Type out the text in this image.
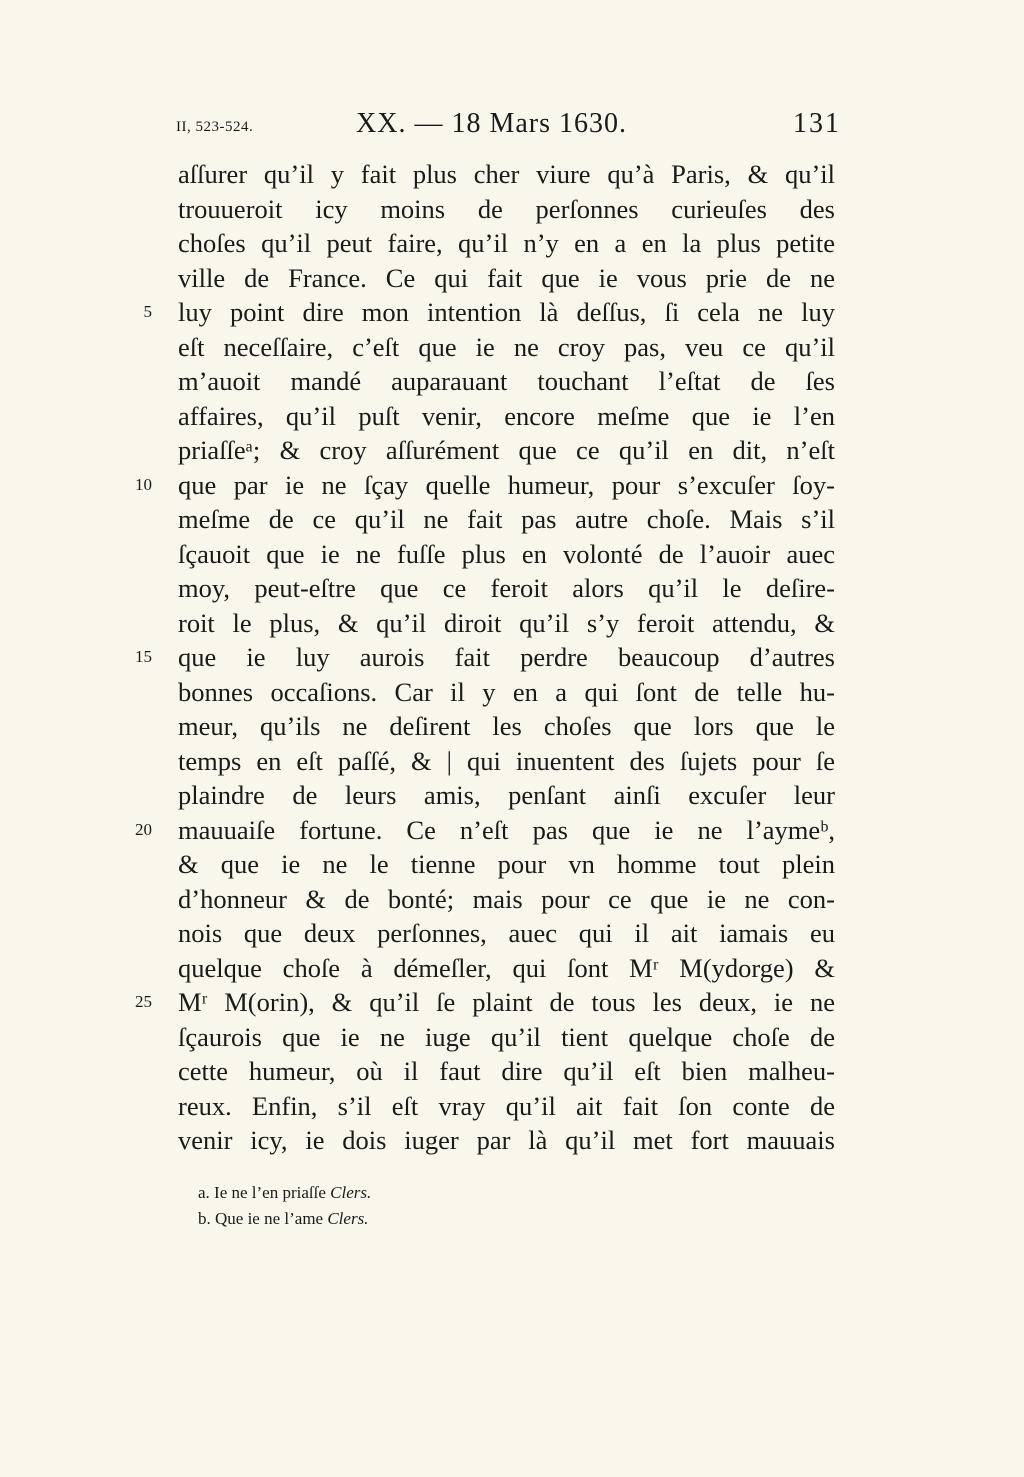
II, 523-524.	XX. — 18 Mars 1630.	131
5
10
15
20
25
aſſurer qu’il y fait plus cher viure qu’à Paris, & qu’il
trouueroit icy moins de perſonnes curieuſes des
choſes qu’il peut faire, qu’il n’y en a en la plus petite
ville de France. Ce qui fait que ie vous prie de ne
luy point dire mon intention là deſſus, ſi cela ne luy
eſt neceſſaire, c’eſt que ie ne croy pas, veu ce qu’il
m’auoit mandé auparauant touchant l’eſtat de ſes
affaires, qu’il puſt venir, encore meſme que ie l’en
priaſſeᵃ; & croy aſſurément que ce qu’il en dit, n’eſt
que par ie ne ſçay quelle humeur, pour s’excuſer ſoy-
meſme de ce qu’il ne fait pas autre choſe. Mais s’il
ſçauoit que ie ne fuſſe plus en volonté de l’auoir auec
moy, peut-eſtre que ce feroit alors qu’il le deſire-
roit le plus, & qu’il diroit qu’il s’y feroit attendu, &
que ie luy aurois fait perdre beaucoup d’autres
bonnes occaſions. Car il y en a qui ſont de telle hu-
meur, qu’ils ne deſirent les choſes que lors que le
temps en eſt paſſé, & | qui inuentent des ſujets pour ſe
plaindre de leurs amis, penſant ainſi excuſer leur
mauuaiſe fortune. Ce n’eſt pas que ie ne l’aymeᵇ,
& que ie ne le tienne pour vn homme tout plein
d’honneur & de bonté; mais pour ce que ie ne con-
nois que deux perſonnes, auec qui il ait iamais eu
quelque choſe à démeſler, qui ſont Mʳ M(ydorge) &
Mʳ M(orin), & qu’il ſe plaint de tous les deux, ie ne
ſçaurois que ie ne iuge qu’il tient quelque choſe de
cette humeur, où il faut dire qu’il eſt bien malheu-
reux. Enfin, s’il eſt vray qu’il ait fait ſon conte de
venir icy, ie dois iuger par là qu’il met fort mauuais
a. Ie ne l’en priaſſe Clers.
b. Que ie ne l’ame Clers.
